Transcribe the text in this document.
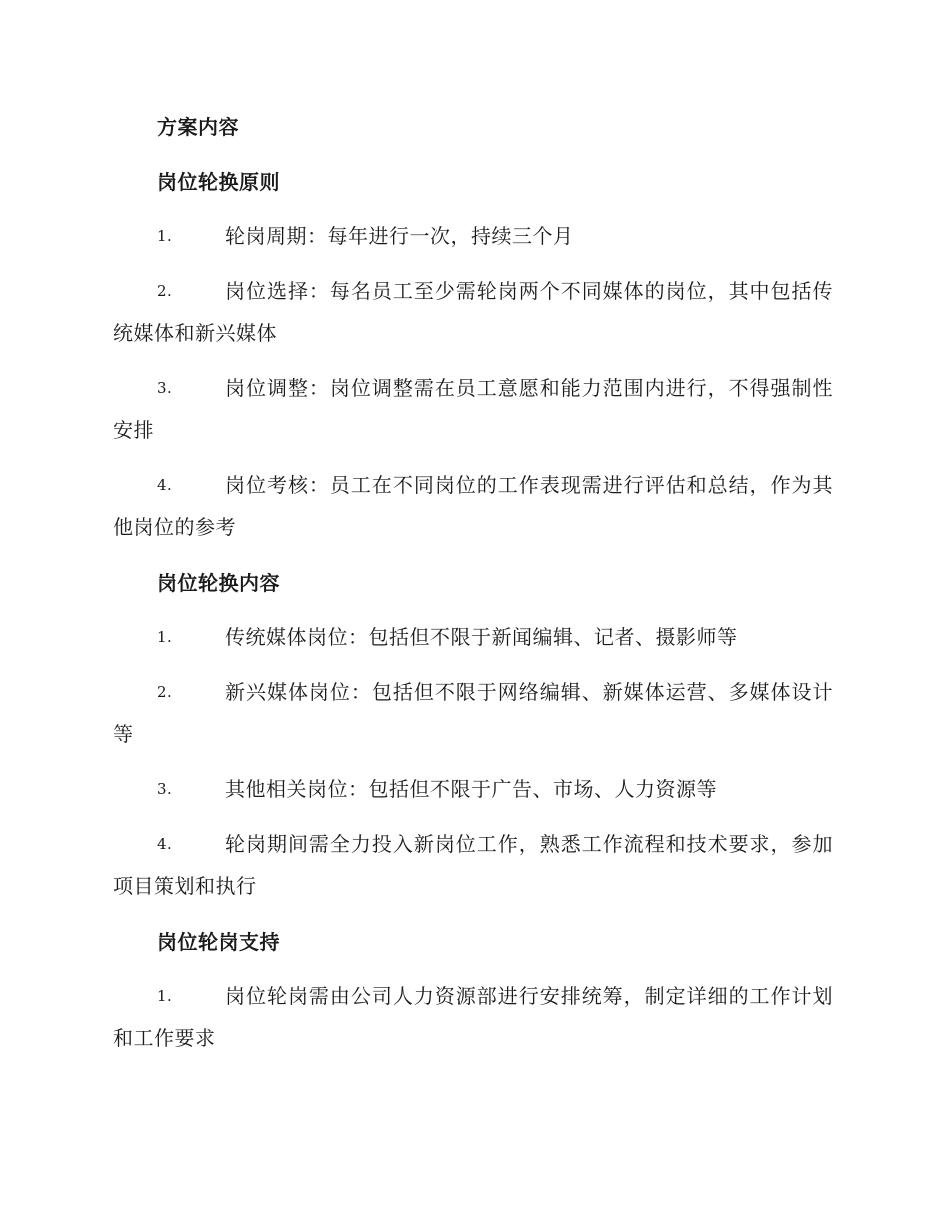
方案内容
岗位轮换原则
1.	轮岗周期：每年进行一次，持续三个月
2.	岗位选择：每名员工至少需轮岗两个不同媒体的岗位，其中包括传统媒体和新兴媒体
3.	岗位调整：岗位调整需在员工意愿和能力范围内进行，不得强制性安排
4.	岗位考核：员工在不同岗位的工作表现需进行评估和总结，作为其他岗位的参考
岗位轮换内容
1.	传统媒体岗位：包括但不限于新闻编辑、记者、摄影师等
2.	新兴媒体岗位：包括但不限于网络编辑、新媒体运营、多媒体设计等
3.	其他相关岗位：包括但不限于广告、市场、人力资源等
4.	轮岗期间需全力投入新岗位工作，熟悉工作流程和技术要求，参加项目策划和执行
岗位轮岗支持
1.	岗位轮岗需由公司人力资源部进行安排统筹，制定详细的工作计划和工作要求
